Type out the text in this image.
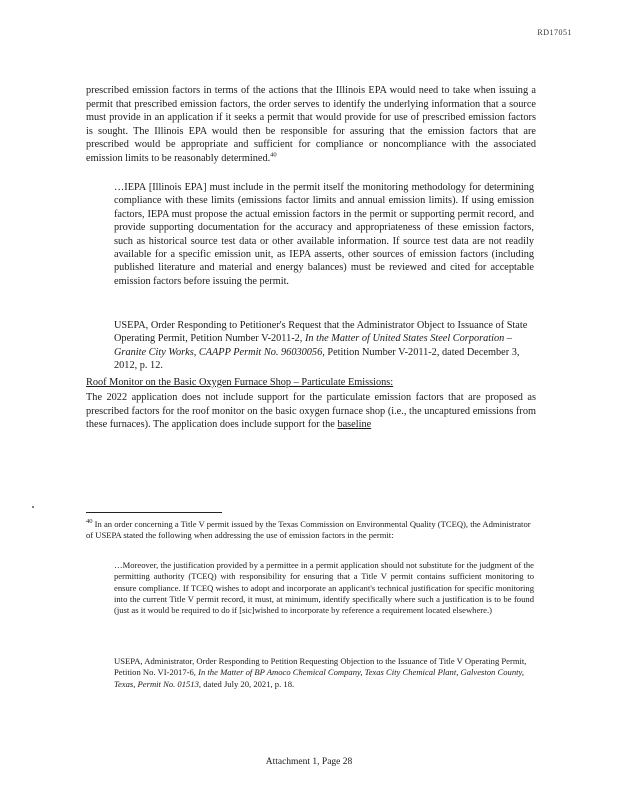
RD17051
prescribed emission factors in terms of the actions that the Illinois EPA would need to take when issuing a permit that prescribed emission factors, the order serves to identify the underlying information that a source must provide in an application if it seeks a permit that would provide for use of prescribed emission factors is sought. The Illinois EPA would then be responsible for assuring that the emission factors that are prescribed would be appropriate and sufficient for compliance or noncompliance with the associated emission limits to be reasonably determined.$^{40}$
…IEPA [Illinois EPA] must include in the permit itself the monitoring methodology for determining compliance with these limits (emissions factor limits and annual emission limits). If using emission factors, IEPA must propose the actual emission factors in the permit or supporting permit record, and provide supporting documentation for the accuracy and appropriateness of these emission factors, such as historical source test data or other available information. If source test data are not readily available for a specific emission unit, as IEPA asserts, other sources of emission factors (including published literature and material and energy balances) must be reviewed and cited for acceptable emission factors before issuing the permit.
USEPA, Order Responding to Petitioner's Request that the Administrator Object to Issuance of State Operating Permit, Petition Number V-2011-2, In the Matter of United States Steel Corporation – Granite City Works, CAAPP Permit No. 96030056, Petition Number V-2011-2, dated December 3, 2012, p. 12.
Roof Monitor on the Basic Oxygen Furnace Shop – Particulate Emissions:
The 2022 application does not include support for the particulate emission factors that are proposed as prescribed factors for the roof monitor on the basic oxygen furnace shop (i.e., the uncaptured emissions from these furnaces). The application does include support for the baseline
$^{40}$ In an order concerning a Title V permit issued by the Texas Commission on Environmental Quality (TCEQ), the Administrator of USEPA stated the following when addressing the use of emission factors in the permit:
…Moreover, the justification provided by a permittee in a permit application should not substitute for the judgment of the permitting authority (TCEQ) with responsibility for ensuring that a Title V permit contains sufficient monitoring to ensure compliance. If TCEQ wishes to adopt and incorporate an applicant's technical justification for specific monitoring into the current Title V permit record, it must, at minimum, identify specifically where such a justification is to be found (just as it would be required to do if [sic]wished to incorporate by reference a requirement located elsewhere.)
USEPA, Administrator, Order Responding to Petition Requesting Objection to the Issuance of Title V Operating Permit, Petition No. VI-2017-6, In the Matter of BP Amoco Chemical Company, Texas City Chemical Plant, Galveston County, Texas, Permit No. 01513, dated July 20, 2021, p. 18.
Attachment 1, Page 28
